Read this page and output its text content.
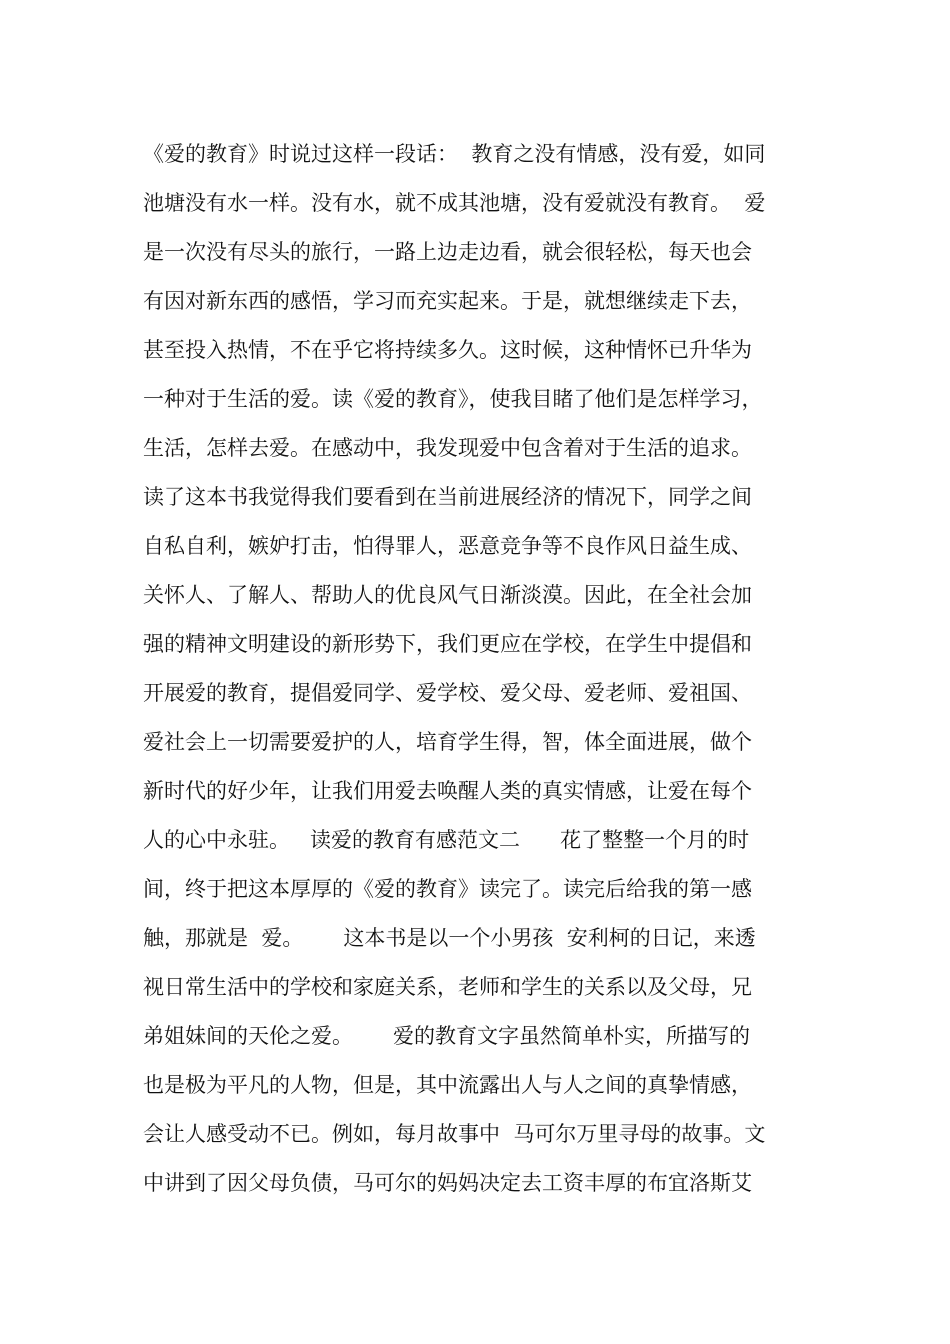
《爱的教育》时说过这样一段话：  教育之没有情感，没有爱，如同
池塘没有水一样。没有水，就不成其池塘，没有爱就没有教育。  爱
是一次没有尽头的旅行，一路上边走边看，就会很轻松，每天也会
有因对新东西的感悟，学习而充实起来。于是，就想继续走下去，
甚至投入热情，不在乎它将持续多久。这时候，这种情怀已升华为
一种对于生活的爱。读《爱的教育》，使我目睹了他们是怎样学习，
生活，怎样去爱。在感动中，我发现爱中包含着对于生活的追求。
读了这本书我觉得我们要看到在当前进展经济的情况下，同学之间
自私自利，嫉妒打击，怕得罪人，恶意竞争等不良作风日益生成、
关怀人、了解人、帮助人的优良风气日渐淡漠。因此，在全社会加
强的精神文明建设的新形势下，我们更应在学校，在学生中提倡和
开展爱的教育，提倡爱同学、爱学校、爱父母、爱老师、爱祖国、
爱社会上一切需要爱护的人，培育学生得，智，体全面进展，做个
新时代的好少年，让我们用爱去唤醒人类的真实情感，让爱在每个
人的心中永驻。   读爱的教育有感范文二      花了整整一个月的时
间，终于把这本厚厚的《爱的教育》读完了。读完后给我的第一感
触，那就是  爱。      这本书是以一个小男孩  安利柯的日记，来透
视日常生活中的学校和家庭关系，老师和学生的关系以及父母，兄
弟姐妹间的天伦之爱。      爱的教育文字虽然简单朴实，所描写的
也是极为平凡的人物，但是，其中流露出人与人之间的真挚情感，
会让人感受动不已。例如，每月故事中  马可尔万里寻母的故事。文
中讲到了因父母负债，马可尔的妈妈决定去工资丰厚的布宜洛斯艾
